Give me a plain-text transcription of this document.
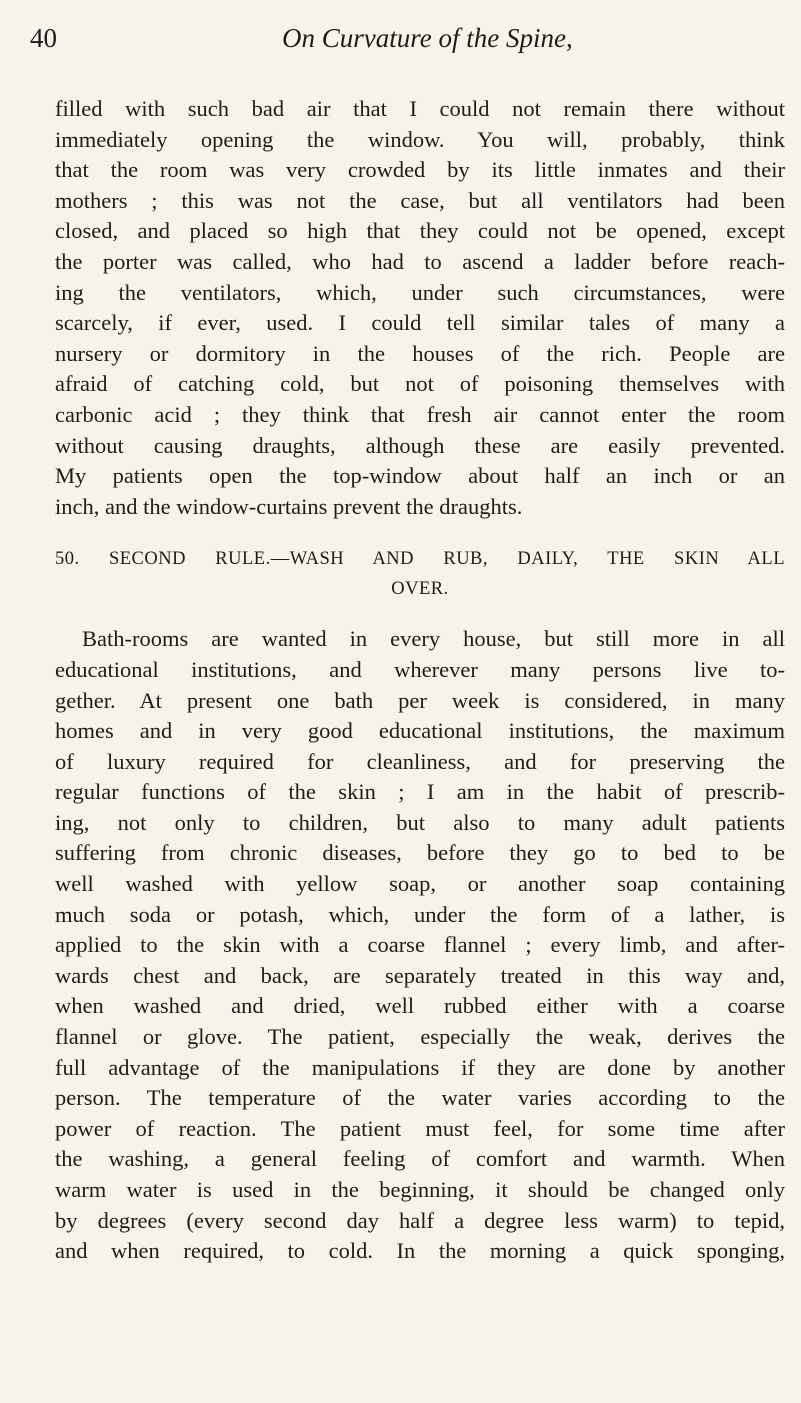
40	On Curvature of the Spine,

filled with such bad air that I could not remain there without
immediately opening the window. You will, probably, think
that the room was very crowded by its little inmates and their
mothers ; this was not the case, but all ventilators had been
closed, and placed so high that they could not be opened, except
the porter was called, who had to ascend a ladder before reach-
ing the ventilators, which, under such circumstances, were
scarcely, if ever, used. I could tell similar tales of many a
nursery or dormitory in the houses of the rich. People are
afraid of catching cold, but not of poisoning themselves with
carbonic acid ; they think that fresh air cannot enter the room
without causing draughts, although these are easily prevented.
My patients open the top-window about half an inch or an
inch, and the window-curtains prevent the draughts.

50. SECOND RULE.—WASH AND RUB, DAILY, THE SKIN ALL
OVER.

Bath-rooms are wanted in every house, but still more in all
educational institutions, and wherever many persons live to-
gether. At present one bath per week is considered, in many
homes and in very good educational institutions, the maximum
of luxury required for cleanliness, and for preserving the
regular functions of the skin ; I am in the habit of prescrib-
ing, not only to children, but also to many adult patients
suffering from chronic diseases, before they go to bed to be
well washed with yellow soap, or another soap containing
much soda or potash, which, under the form of a lather, is
applied to the skin with a coarse flannel ; every limb, and after-
wards chest and back, are separately treated in this way and,
when washed and dried, well rubbed either with a coarse
flannel or glove. The patient, especially the weak, derives the
full advantage of the manipulations if they are done by another
person. The temperature of the water varies according to the
power of reaction. The patient must feel, for some time after
the washing, a general feeling of comfort and warmth. When
warm water is used in the beginning, it should be changed only
by degrees (every second day half a degree less warm) to tepid,
and when required, to cold. In the morning a quick sponging,
